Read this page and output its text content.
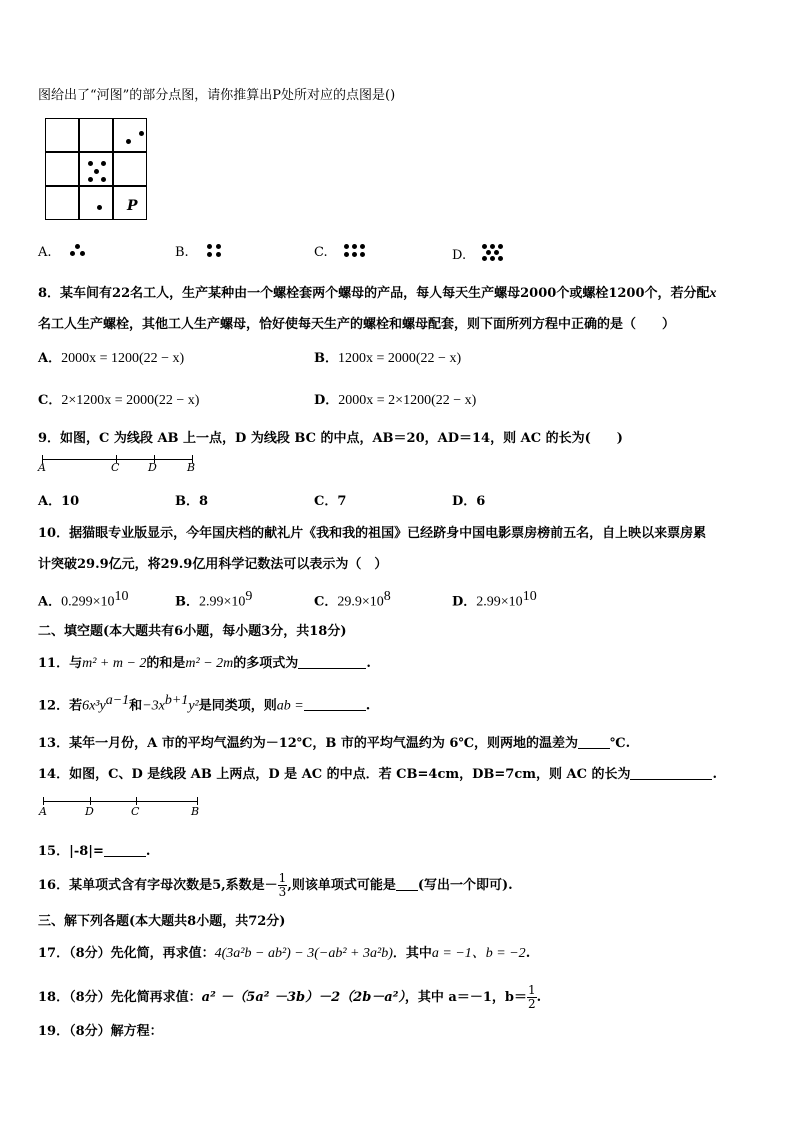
图给出了“河图”的部分点图，请你推算出P处所对应的点图是()
P
A.	B.	C.	D.
8．某车间有22名工人，生产某种由一个螺栓套两个螺母的产品，每人每天生产螺母2000个或螺栓1200个，若分配x
名工人生产螺栓，其他工人生产螺母，恰好使每天生产的螺栓和螺母配套，则下面所列方程中正确的是（　　）
A．2000x = 1200(22 − x)	B．1200x = 2000(22 − x)
C．2×1200x = 2000(22 − x)	D．2000x = 2×1200(22 − x)
9．如图，C 为线段 AB 上一点，D 为线段 BC 的中点，AB＝20，AD＝14，则 AC 的长为(　　)
A	C	D	B
A．10	B．8	C．7	D．6
10．据猫眼专业版显示，今年国庆档的献礼片《我和我的祖国》已经跻身中国电影票房榜前五名，自上映以来票房累
计突破29.9亿元，将29.9亿用科学记数法可以表示为（　）
A．$0.299\times 10^{10}$	B．$2.99\times 10^9$	C．$29.9\times 10^8$	D．$2.99\times 10^{10}$
二、填空题(本大题共有6小题，每小题3分，共18分)
11．与m² + m − 2的和是m² − 2m的多项式为	.
12．若$6x^3y^{a-1}$和$-3x^{b+1}y^2$是同类项，则ab =	.
13．某年一月份，A 市的平均气温约为－12℃，B 市的平均气温约为 6℃，则两地的温差为 ℃.
14．如图，C、D 是线段 AB 上两点，D 是 AC 的中点．若 CB=4cm，DB=7cm，则 AC 的长为	.
A	D	C	B
15．|-8|=	.
16．某单项式含有字母次数是5,系数是－ $\frac{1}{3}$ ,则该单项式可能是 (写出一个即可).
三、解下列各题(本大题共8小题，共72分)
17．（8分）先化简，再求值：4(3a²b − ab²) − 3(−ab² + 3a²b)．其中a = −1、b = −2.
18．（8分）先化简再求值：a² －（5a² －3b）－2（2b－a²），其中 a＝－1，$b= \frac{1}{2}$ .
19．（8分）解方程：
